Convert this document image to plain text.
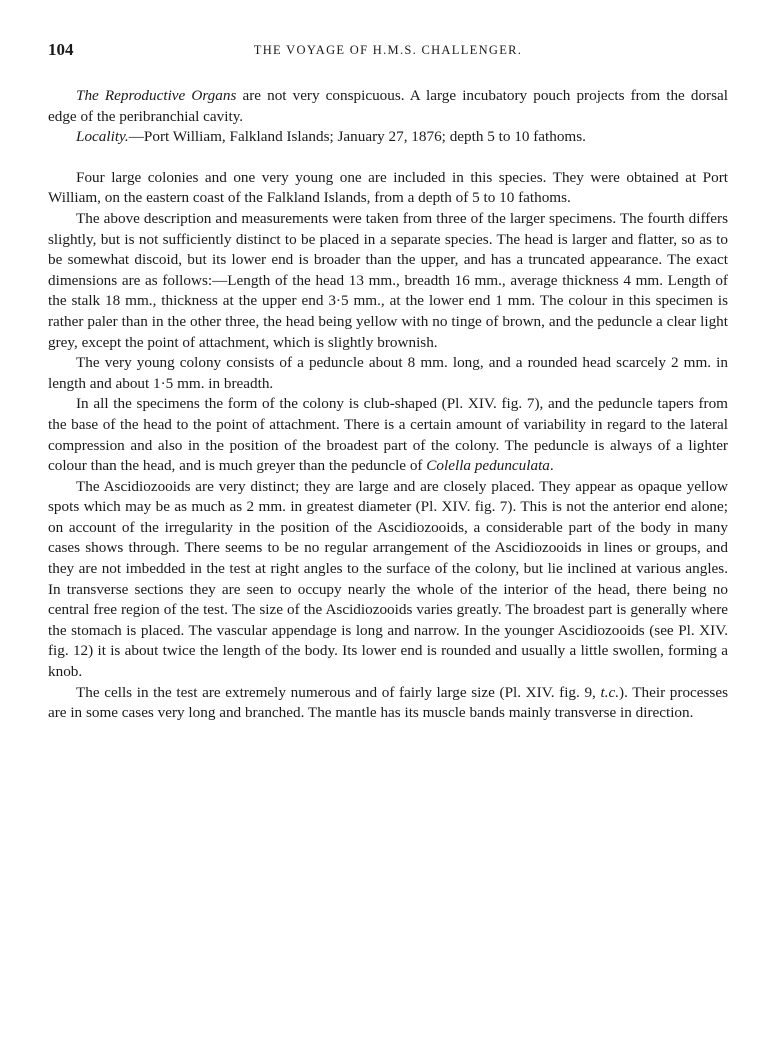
104	THE VOYAGE OF H.M.S. CHALLENGER.

The Reproductive Organs are not very conspicuous. A large incubatory pouch projects from the dorsal edge of the peribranchial cavity.

Locality.—Port William, Falkland Islands; January 27, 1876; depth 5 to 10 fathoms.

Four large colonies and one very young one are included in this species. They were obtained at Port William, on the eastern coast of the Falkland Islands, from a depth of 5 to 10 fathoms.

The above description and measurements were taken from three of the larger specimens. The fourth differs slightly, but is not sufficiently distinct to be placed in a separate species. The head is larger and flatter, so as to be somewhat discoid, but its lower end is broader than the upper, and has a truncated appearance. The exact dimensions are as follows:—Length of the head 13 mm., breadth 16 mm., average thickness 4 mm. Length of the stalk 18 mm., thickness at the upper end 3·5 mm., at the lower end 1 mm. The colour in this specimen is rather paler than in the other three, the head being yellow with no tinge of brown, and the peduncle a clear light grey, except the point of attachment, which is slightly brownish.

The very young colony consists of a peduncle about 8 mm. long, and a rounded head scarcely 2 mm. in length and about 1·5 mm. in breadth.

In all the specimens the form of the colony is club-shaped (Pl. XIV. fig. 7), and the peduncle tapers from the base of the head to the point of attachment. There is a certain amount of variability in regard to the lateral compression and also in the position of the broadest part of the colony. The peduncle is always of a lighter colour than the head, and is much greyer than the peduncle of Colella pedunculata.

The Ascidiozooids are very distinct; they are large and are closely placed. They appear as opaque yellow spots which may be as much as 2 mm. in greatest diameter (Pl. XIV. fig. 7). This is not the anterior end alone; on account of the irregularity in the position of the Ascidiozooids, a considerable part of the body in many cases shows through. There seems to be no regular arrangement of the Ascidiozooids in lines or groups, and they are not imbedded in the test at right angles to the surface of the colony, but lie inclined at various angles. In transverse sections they are seen to occupy nearly the whole of the interior of the head, there being no central free region of the test. The size of the Ascidiozooids varies greatly. The broadest part is generally where the stomach is placed. The vascular appendage is long and narrow. In the younger Ascidiozooids (see Pl. XIV. fig. 12) it is about twice the length of the body. Its lower end is rounded and usually a little swollen, forming a knob.

The cells in the test are extremely numerous and of fairly large size (Pl. XIV. fig. 9, t.c.). Their processes are in some cases very long and branched. The mantle has its muscle bands mainly transverse in direction.
